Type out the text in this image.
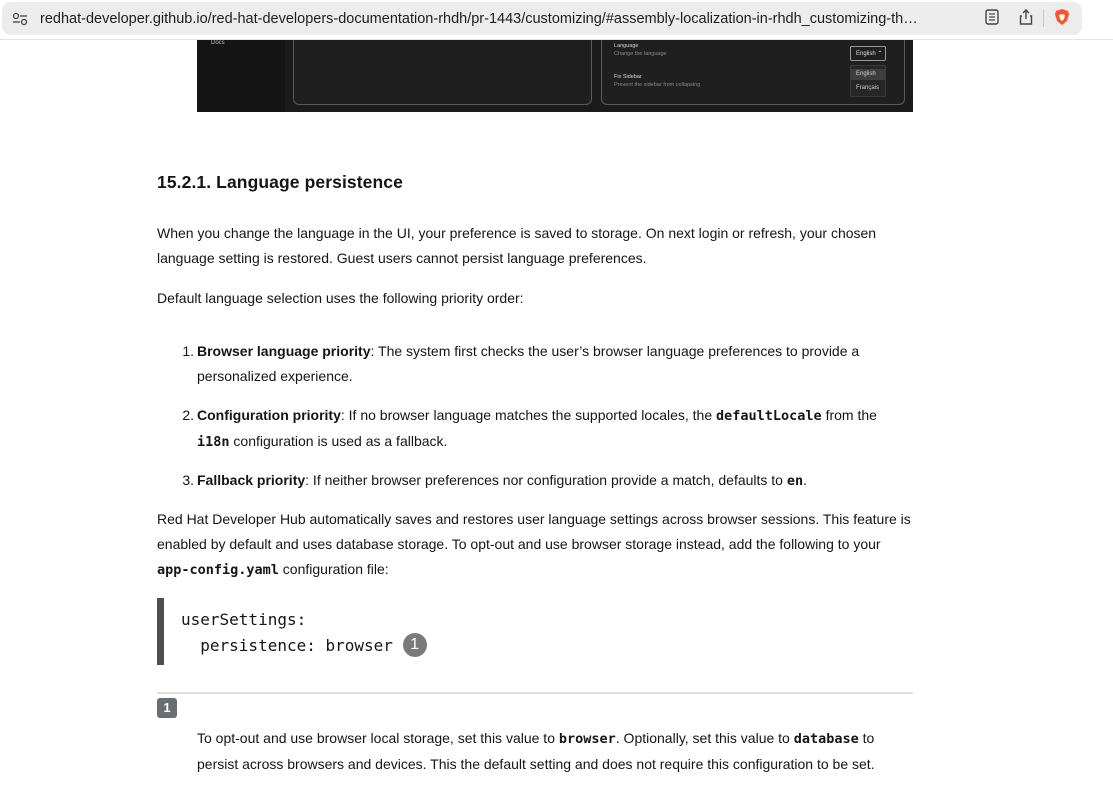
redhat-developer.github.io/red-hat-developers-documentation-rhdh/pr-1443/customizing/#assembly-localization-in-rhdh_customizing-th…
Docs	Language
Change the language
Fix Sidebar
Prevent the sidebar from collapsing
English ⌃
English
Français
15.2.1. Language persistence

When you change the language in the UI, your preference is saved to storage. On next login or refresh, your chosen language setting is restored. Guest users cannot persist language preferences.

Default language selection uses the following priority order:

1. Browser language priority: The system first checks the user’s browser language preferences to provide a personalized experience.

2. Configuration priority: If no browser language matches the supported locales, the defaultLocale from the i18n configuration is used as a fallback.

3. Fallback priority: If neither browser preferences nor configuration provide a match, defaults to en.

Red Hat Developer Hub automatically saves and restores user language settings across browser sessions. This feature is enabled by default and uses database storage. To opt-out and use browser storage instead, add the following to your app-config.yaml configuration file:

userSettings:
persistence: browser 1
1

To opt-out and use browser local storage, set this value to browser. Optionally, set this value to database to persist across browsers and devices. This the default setting and does not require this configuration to be set.
